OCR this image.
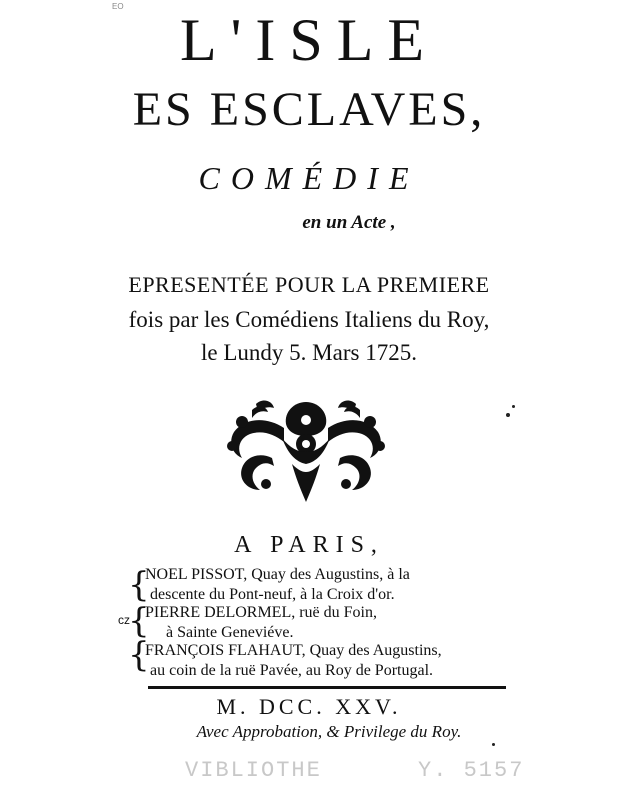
EO
L'ISLE
ES ESCLAVES,
COMÉDIE
en un Acte ,
EPRESENTÉE POUR LA PREMIERE
fois par les Comédiens Italiens du Roy,
le Lundy 5. Mars 1725.
A PARIS,
{
{
{
cz
NOEL PISSOT, Quay des Augustins, à la
descente du Pont-neuf, à la Croix d'or.
PIERRE DELORMEL, ruë du Foin,
à Sainte Geneviéve.
FRANÇOIS FLAHAUT, Quay des Augustins,
au coin de la ruë Pavée, au Roy de Portugal.
M. DCC. XXV.
Avec Approbation, & Privilege du Roy.
VIBLIOTHE	Y. 5157
